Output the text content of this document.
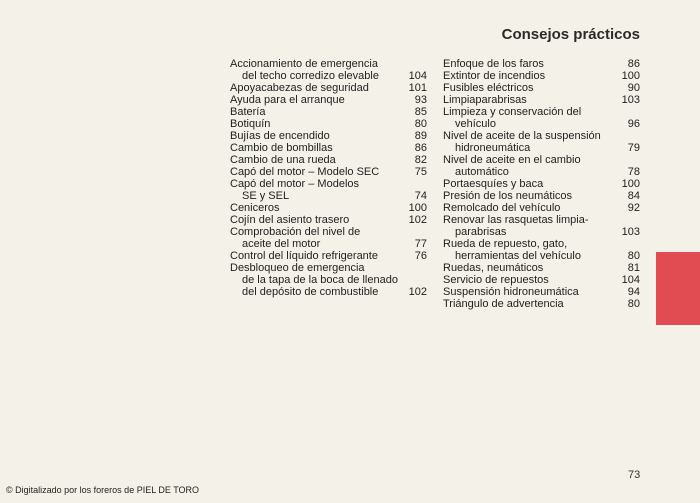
Consejos prácticos
Accionamiento de emergencia
del techo corredizo elevable	104
Apoyacabezas de seguridad	101
Ayuda para el arranque	93
Batería	85
Botiquín	80
Bujías de encendido	89
Cambio de bombillas	86
Cambio de una rueda	82
Capó del motor – Modelo SEC	75
Capó del motor – Modelos
SE y SEL	74
Ceniceros	100
Cojín del asiento trasero	102
Comprobación del nivel de
aceite del motor	77
Control del líquido refrigerante	76
Desbloqueo de emergencia
de la tapa de la boca de llenado
del depósito de combustible	102
Enfoque de los faros	86
Extintor de incendios	100
Fusibles eléctricos	90
Limpiaparabrisas	103
Limpieza y conservación del
vehículo	96
Nivel de aceite de la suspensión
hidroneumática	79
Nivel de aceite en el cambio
automático	78
Portaesquíes y baca	100
Presión de los neumáticos	84
Remolcado del vehículo	92
Renovar las rasquetas limpia-
parabrisas	103
Rueda de repuesto, gato,
herramientas del vehículo	80
Ruedas, neumáticos	81
Servicio de repuestos	104
Suspensión hidroneumática	94
Triángulo de advertencia	80
73
© Digitalizado por los foreros de PIEL DE TORO
